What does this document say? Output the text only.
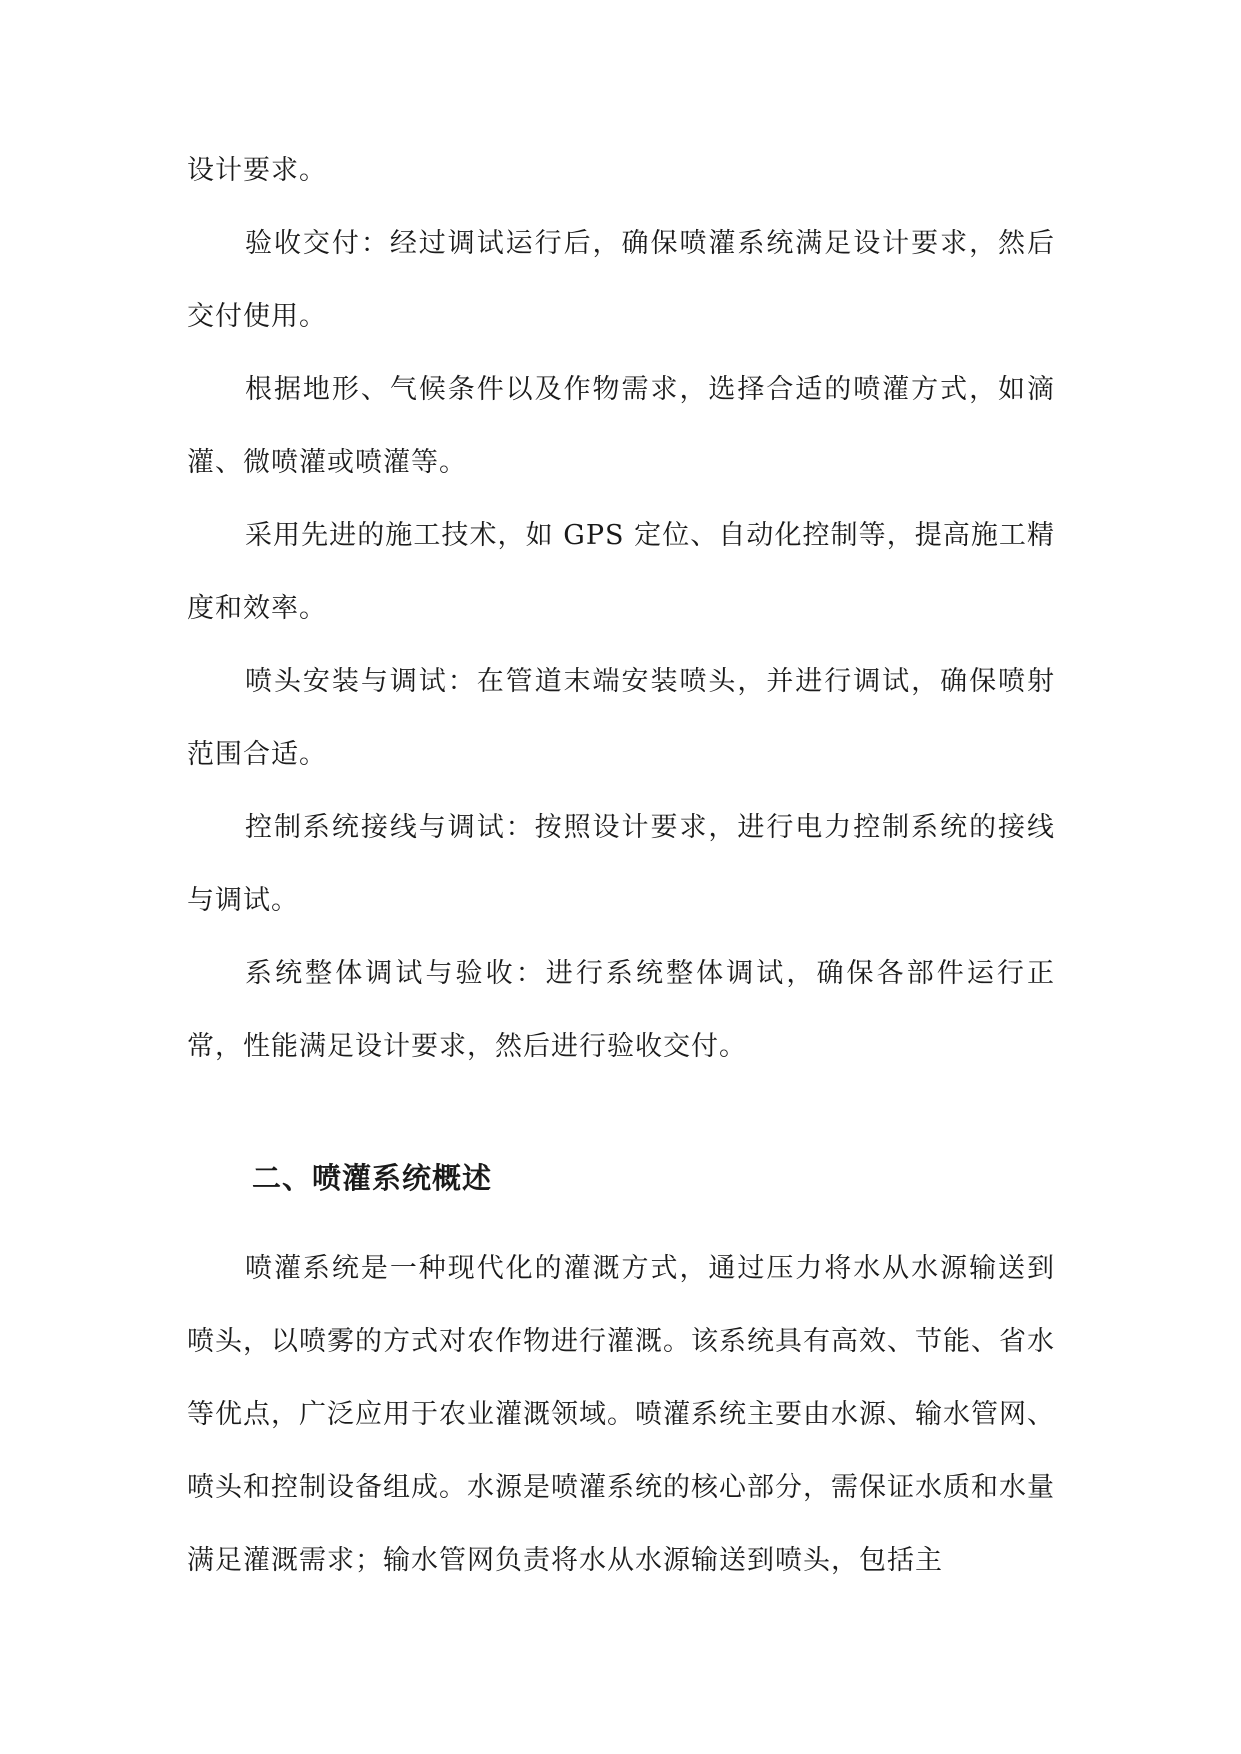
设计要求。

验收交付：经过调试运行后，确保喷灌系统满足设计要求，然后交付使用。

根据地形、气候条件以及作物需求，选择合适的喷灌方式，如滴灌、微喷灌或喷灌等。

采用先进的施工技术，如 GPS 定位、自动化控制等，提高施工精度和效率。

喷头安装与调试：在管道末端安装喷头，并进行调试，确保喷射范围合适。

控制系统接线与调试：按照设计要求，进行电力控制系统的接线与调试。

系统整体调试与验收：进行系统整体调试，确保各部件运行正常，性能满足设计要求，然后进行验收交付。

二、喷灌系统概述

喷灌系统是一种现代化的灌溉方式，通过压力将水从水源输送到喷头，以喷雾的方式对农作物进行灌溉。该系统具有高效、节能、省水等优点，广泛应用于农业灌溉领域。喷灌系统主要由水源、输水管网、喷头和控制设备组成。水源是喷灌系统的核心部分，需保证水质和水量满足灌溉需求；输水管网负责将水从水源输送到喷头，包括主
